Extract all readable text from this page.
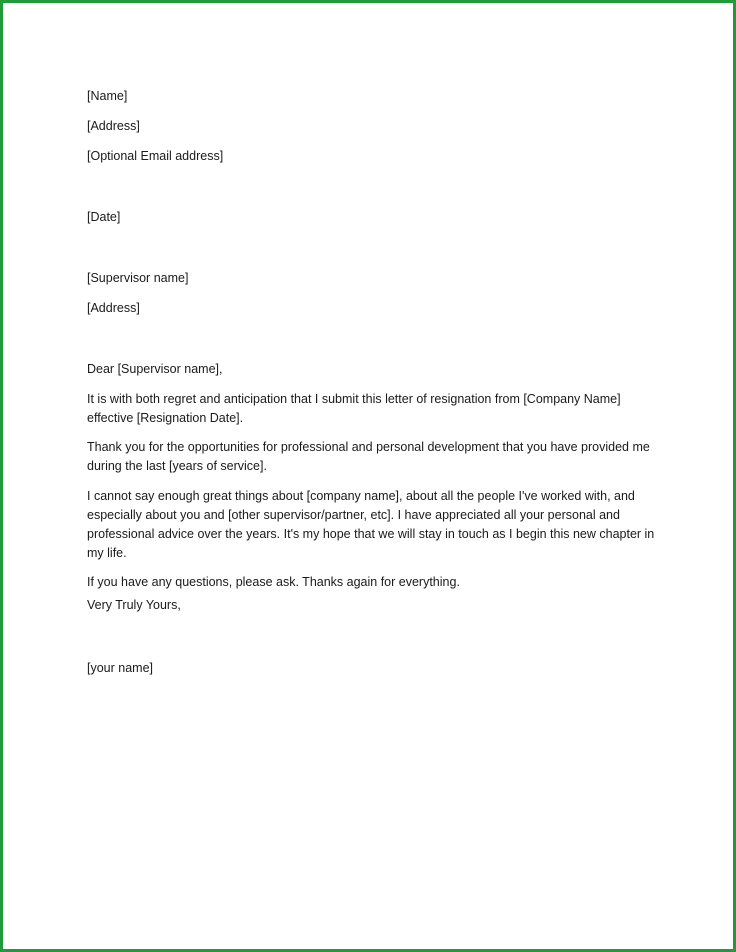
[Name]
[Address]
[Optional Email address]
[Date]
[Supervisor name]
[Address]
Dear [Supervisor name],
It is with both regret and anticipation that I submit this letter of resignation from [Company Name]
effective [Resignation Date].
Thank you for the opportunities for professional and personal development that you have provided me
during the last [years of service].
I cannot say enough great things about [company name], about all the people I've worked with, and
especially about you and [other supervisor/partner, etc]. I have appreciated all your personal and
professional advice over the years. It's my hope that we will stay in touch as I begin this new chapter in
my life.
If you have any questions, please ask. Thanks again for everything.
Very Truly Yours,
[your name]
